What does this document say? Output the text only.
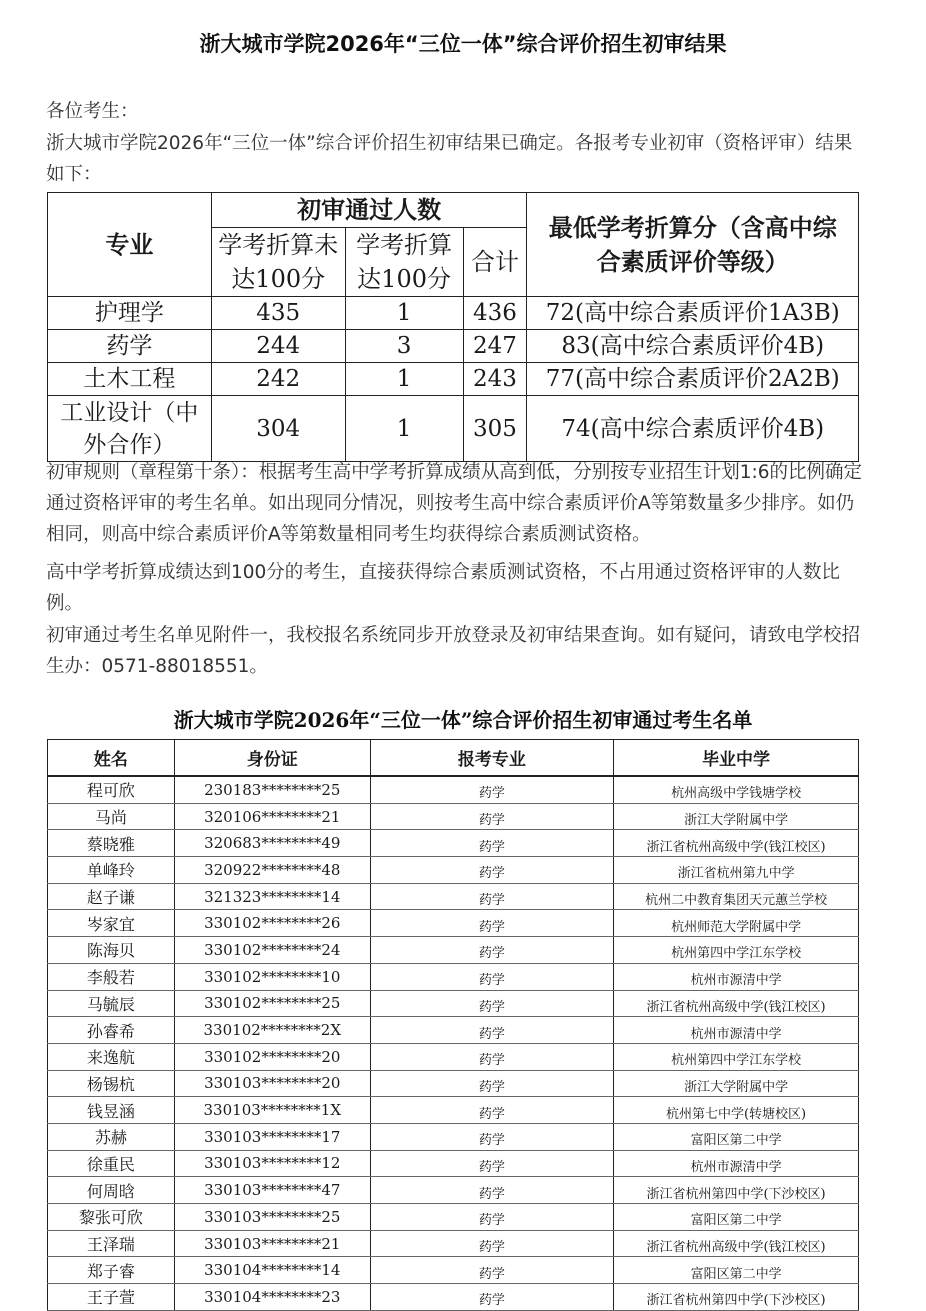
浙大城市学院2026年“三位一体”综合评价招生初审结果
各位考生：
浙大城市学院2026年“三位一体”综合评价招生初审结果已确定。各报考专业初审（资格评审）结果如下：
专业	初审通过人数			最低学考折算分（含高中综合素质评价等级）
	学考折算未达100分	学考折算达100分	合计	
护理学	435	1	436	72(高中综合素质评价1A3B)
药学	244	3	247	83(高中综合素质评价4B)
土木工程	242	1	243	77(高中综合素质评价2A2B)
工业设计（中外合作）	304	1	305	74(高中综合素质评价4B)
初审规则（章程第十条）：根据考生高中学考折算成绩从高到低，分别按专业招生计划1:6的比例确定通过资格评审的考生名单。如出现同分情况，则按考生高中综合素质评价A等第数量多少排序。如仍相同，则高中综合素质评价A等第数量相同考生均获得综合素质测试资格。
高中学考折算成绩达到100分的考生，直接获得综合素质测试资格，不占用通过资格评审的人数比例。
初审通过考生名单见附件一，我校报名系统同步开放登录及初审结果查询。如有疑问，请致电学校招生办：0571-88018551。
浙大城市学院2026年“三位一体”综合评价招生初审通过考生名单
姓名	身份证	报考专业	毕业中学
程可欣	230183********25	药学	杭州高级中学钱塘学校
马尚	320106********21	药学	浙江大学附属中学
蔡晓雅	320683********49	药学	浙江省杭州高级中学(钱江校区)
单峰玲	320922********48	药学	浙江省杭州第九中学
赵子谦	321323********14	药学	杭州二中教育集团天元蕙兰学校
岑家宜	330102********26	药学	杭州师范大学附属中学
陈海贝	330102********24	药学	杭州第四中学江东学校
李般若	330102********10	药学	杭州市源清中学
马毓辰	330102********25	药学	浙江省杭州高级中学(钱江校区)
孙睿希	330102********2X	药学	杭州市源清中学
来逸航	330102********20	药学	杭州第四中学江东学校
杨锡杭	330103********20	药学	浙江大学附属中学
钱昱涵	330103********1X	药学	杭州第七中学(转塘校区)
苏赫	330103********17	药学	富阳区第二中学
徐重民	330103********12	药学	杭州市源清中学
何周晗	330103********47	药学	浙江省杭州第四中学(下沙校区)
黎张可欣	330103********25	药学	富阳区第二中学
王泽瑞	330103********21	药学	浙江省杭州高级中学(钱江校区)
郑子睿	330104********14	药学	富阳区第二中学
王子萱	330104********23	药学	浙江省杭州第四中学(下沙校区)
